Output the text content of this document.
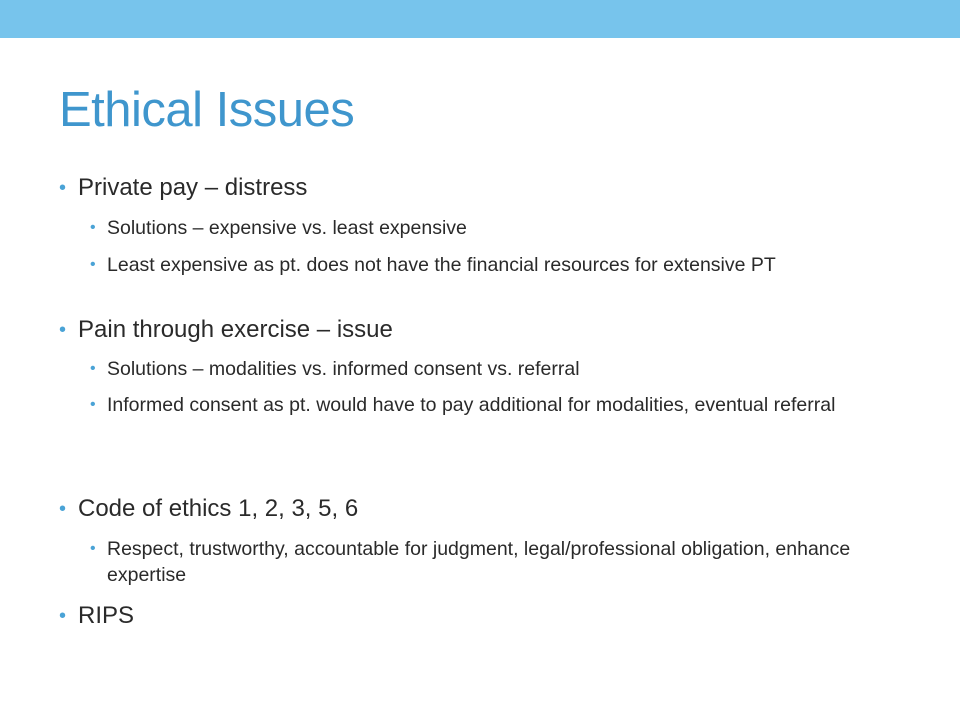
Ethical Issues
• Private pay – distress
• Solutions – expensive vs. least expensive
• Least expensive as pt. does not have the financial resources for extensive PT
• Pain through exercise – issue
• Solutions – modalities vs. informed consent vs. referral
• Informed consent as pt. would have to pay additional for modalities, eventual referral
• Code of ethics 1, 2, 3, 5, 6
• Respect, trustworthy, accountable for judgment, legal/professional obligation, enhance expertise
• RIPS
